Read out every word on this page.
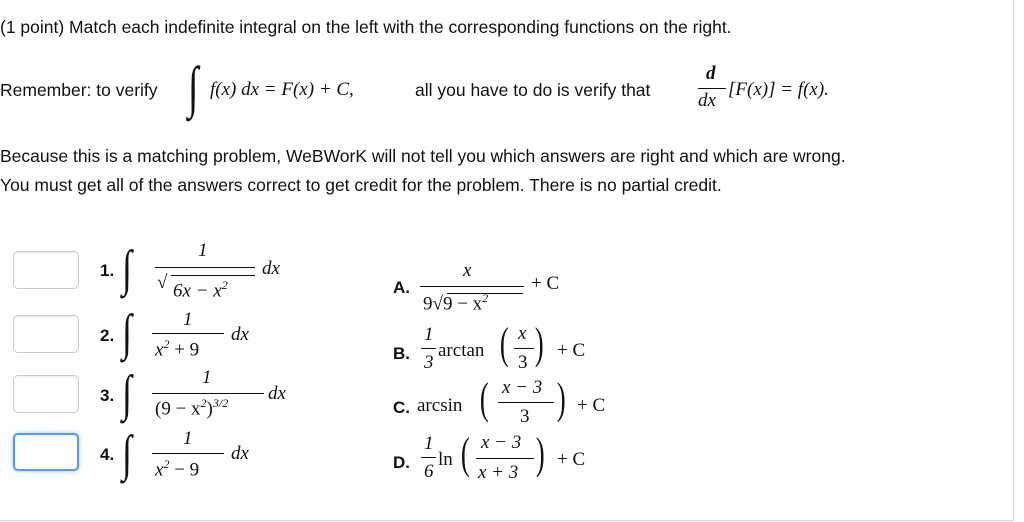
(1 point) Match each indefinite integral on the left with the corresponding functions on the right.
Remember: to verify ∫ f(x) dx = F(x) + C,	all you have to do is verify that
d
dx
[F(x)] = f(x).
Because this is a matching problem, WeBWorK will not tell you which answers are right and which are wrong.
You must get all of the answers correct to get credit for the problem. There is no partial credit.
1. ∫	1
√ $6x - x^2$
dx
2. ∫	1
$x^2 + 9$
dx
3. ∫	1
$(9 - x^2)^{3/2}$ dx
4. ∫	1
$x^2 - 9$
dx
A.
x
$9√9 - x^2$
+ C
B.
1
3
arctan ( x
3 ) + C
C. arcsin ( x − 3
3 ) + C
D.
1
6
ln ( x − 3
x + 3 ) + C
